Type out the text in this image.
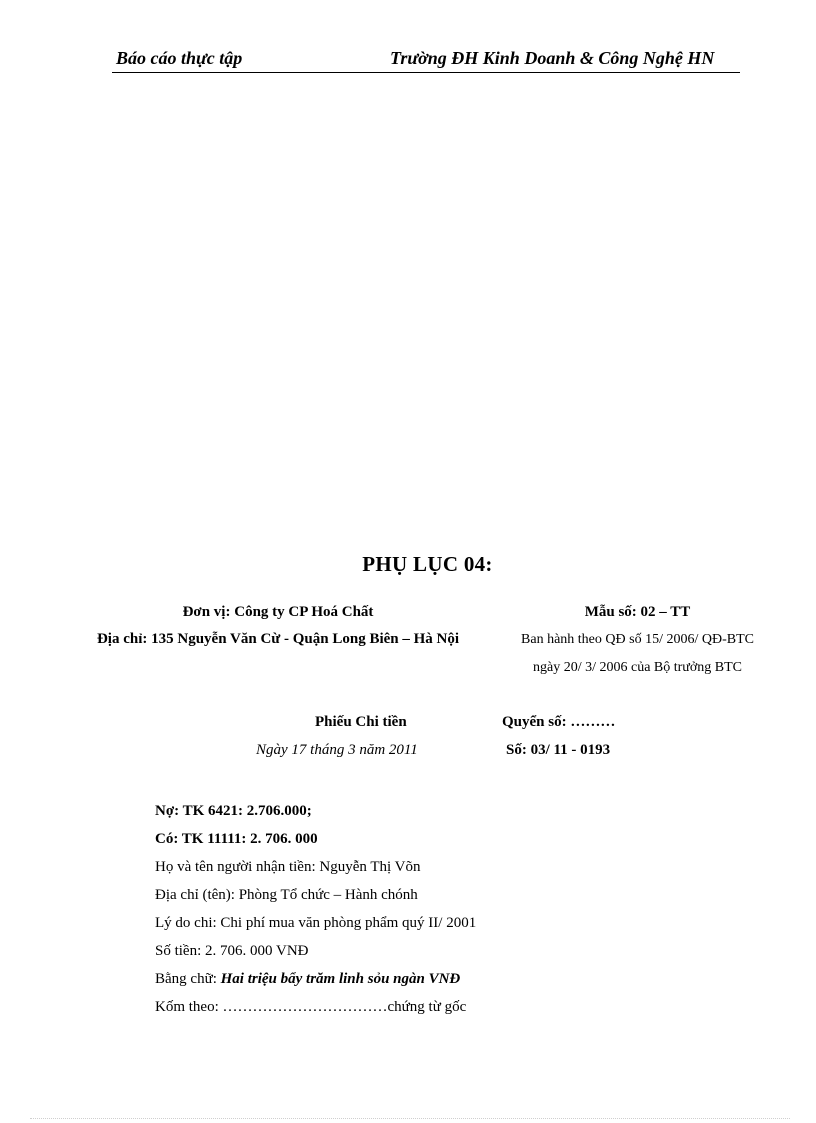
Báo cáo thực tập	Trường ĐH Kinh Doanh & Công Nghệ HN
PHỤ LỤC 04:
Đơn vị: Công ty CP Hoá Chất
Địa chỉ: 135 Nguyễn Văn Cừ - Quận Long Biên – Hà Nội
Mẫu số: 02 – TT
Ban hành theo QĐ số 15/ 2006/ QĐ-BTC
ngày 20/ 3/ 2006 của Bộ trưởng BTC
Phiếu Chi tiền
Ngày 17 tháng 3 năm 2011
Quyển số: ………
Số: 03/ 11 - 0193
Nợ: TK 6421: 2.706.000;
Có: TK 11111: 2. 706. 000
Họ và tên người nhận tiền: Nguyễn Thị Võn
Địa chỉ (tên): Phòng Tổ chức – Hành chónh
Lý do chi: Chi phí mua văn phòng phẩm quý II/ 2001
Số tiền: 2. 706. 000 VNĐ
Bằng chữ: Hai triệu bẩy trăm linh sỏu ngàn VNĐ
Kốm theo: ……………………………chứng từ gốc
